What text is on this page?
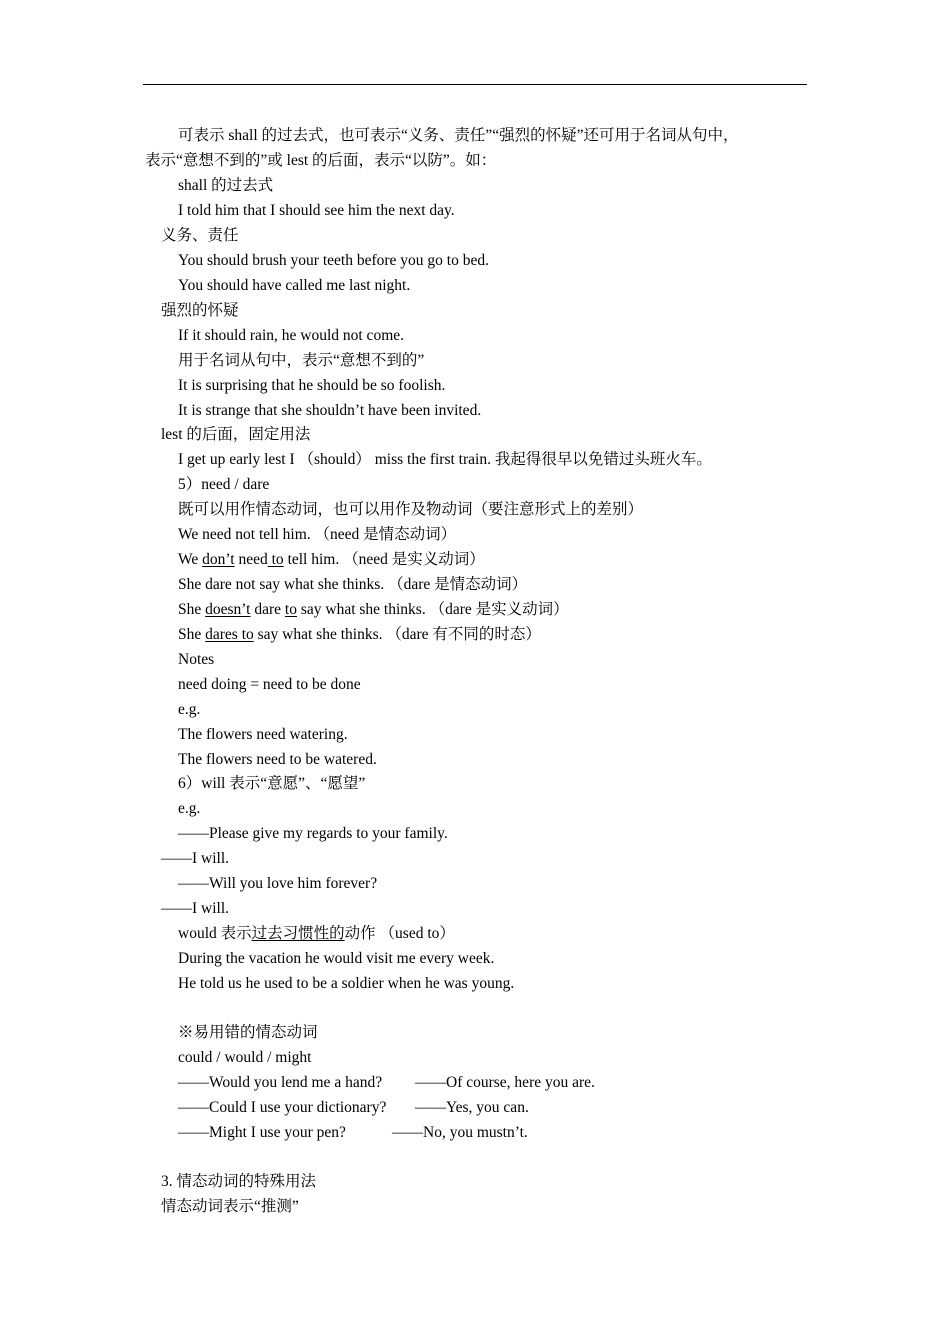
可表示 shall 的过去式，也可表示“义务、责任”“强烈的怀疑”还可用于名词从句中，
表示“意想不到的”或 lest 的后面，表示“以防”。如：
shall 的过去式
I told him that I should see him the next day.
义务、责任
You should brush your teeth before you go to bed.
You should have called me last night.
强烈的怀疑
If it should rain, he would not come.
用于名词从句中，表示“意想不到的”
It is surprising that he should be so foolish.
It is strange that she shouldn’t have been invited.
lest 的后面，固定用法
I get up early lest I （should） miss the first train. 我起得很早以免错过头班火车。
5）need / dare
既可以用作情态动词，也可以用作及物动词（要注意形式上的差别）
We need not tell him. （need 是情态动词）
We don’t need to tell him. （need 是实义动词）
She dare not say what she thinks. （dare 是情态动词）
She doesn’t dare to say what she thinks. （dare 是实义动词）
She dares to say what she thinks. （dare 有不同的时态）
Notes
need doing = need to be done
e.g.
The flowers need watering.
The flowers need to be watered.
6）will 表示“意愿”、“愿望”
e.g.
——Please give my regards to your family.
——I will.
——Will you love him forever?
——I will.
would 表示过去习惯性的动作 （used to）
During the vacation he would visit me every week.
He told us he used to be a soldier when he was young.
※易用错的情态动词
could / would / might
——Would you lend me a hand? ——Of course, here you are.
——Could I use your dictionary? ——Yes, you can.
——Might I use your pen?	——No, you mustn’t.
3. 情态动词的特殊用法
情态动词表示“推测”
